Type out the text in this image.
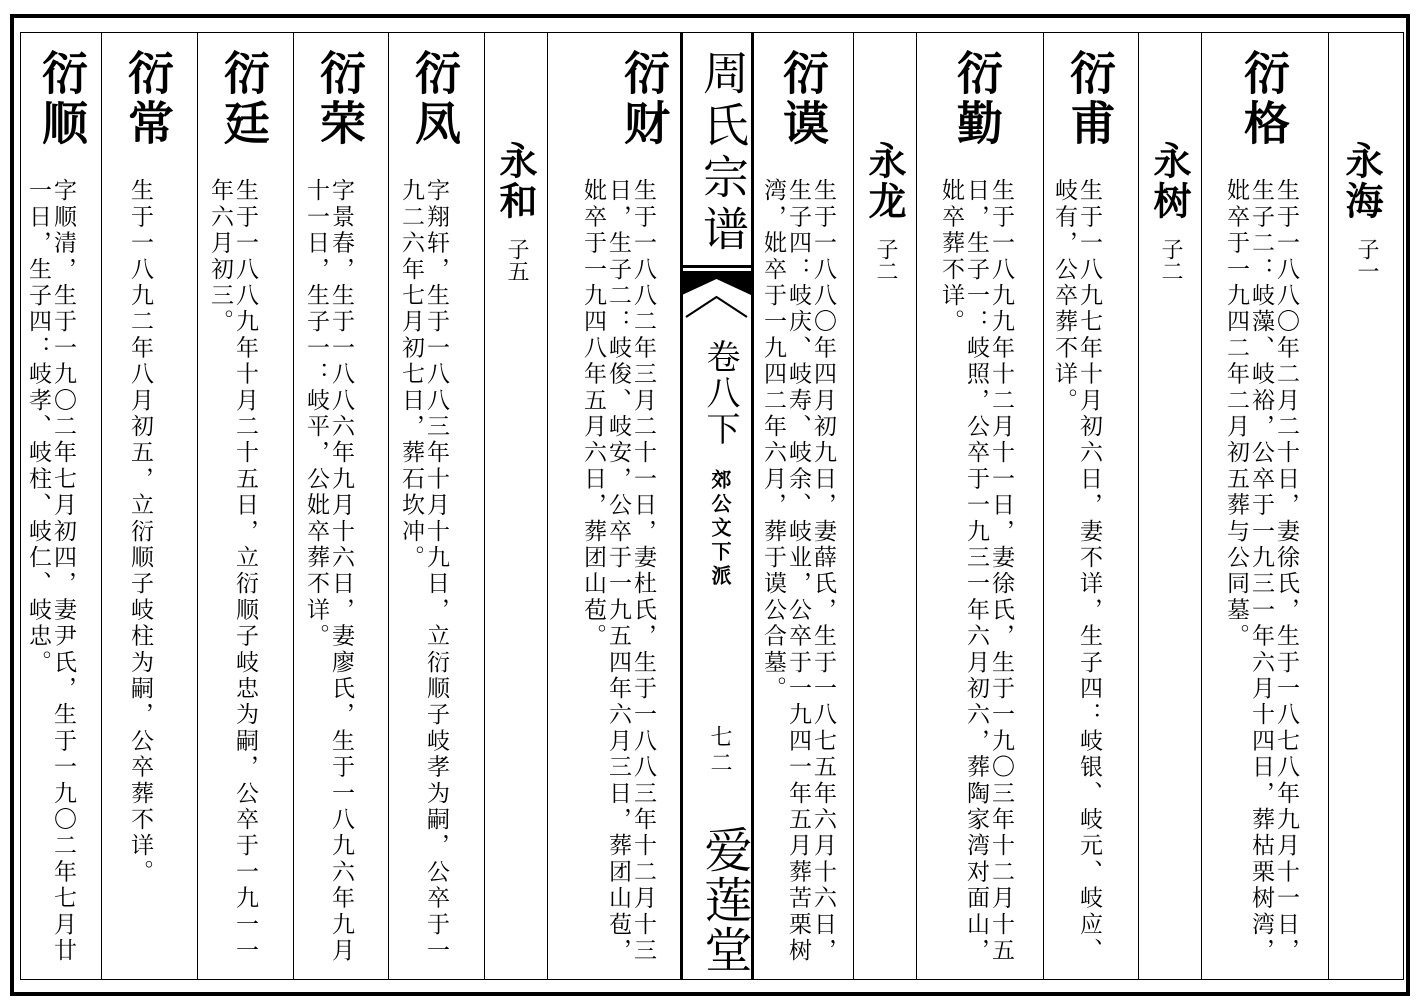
永海
子一
衍格
生于一八八〇年二月二十日，妻徐氏，生于一八七八年九月十一日，生子二：岐藻、岐裕，公卒于一九三一年六月十四日，葬枯栗树湾，妣卒于一九四二年二月初五葬与公同墓。
永树
子二
衍甫
生于一八九七年十月初六日，妻不详，生子四：岐银、岐元、岐应、岐有，公卒葬不详。
衍勤
生于一八九九年十二月十一日，妻徐氏，生于一九〇三年十二月十五日，生子一：岐照，公卒于一九三一年六月初六，葬陶家湾对面山，妣卒葬不详。
永龙
子二
衍谟
生于一八八〇年四月初九日，妻薛氏，生于一八七五年六月十六日，生子四：岐庆、岐寿、岐余、岐业，公卒于一九四一年五月葬苦栗树湾，妣卒于一九四二年六月，葬于谟公合墓。
周氏宗谱
卷八下
郊公文下派
七二
爱莲堂
衍财
生于一八八二年三月二十一日，妻杜氏，生于一八八三年十二月十三日，生子二：岐俊、岐安，公卒于一九五四年六月三日，葬团山苞，妣卒于一九四八年五月六日，葬团山苞。
永和
子五
衍凤
字翔轩，生于一八八三年十月十九日，立衍顺子岐孝为嗣，公卒于一九二六年七月初七日，葬石坎冲。
衍荣
字景春，生于一八八六年九月十六日，妻廖氏，生于一八九六年九月十一日，生子一：岐平，公妣卒葬不详。
衍廷
生于一八八九年十月二十五日，立衍顺子岐忠为嗣，公卒于一九一一年六月初三。
衍常
生于一八九二年八月初五，立衍顺子岐柱为嗣，公卒葬不详。
衍顺
字顺清，生于一九〇二年七月初四，妻尹氏，生于一九〇二年七月廿一日，生子四：岐孝、岐柱、岐仁、岐忠。
